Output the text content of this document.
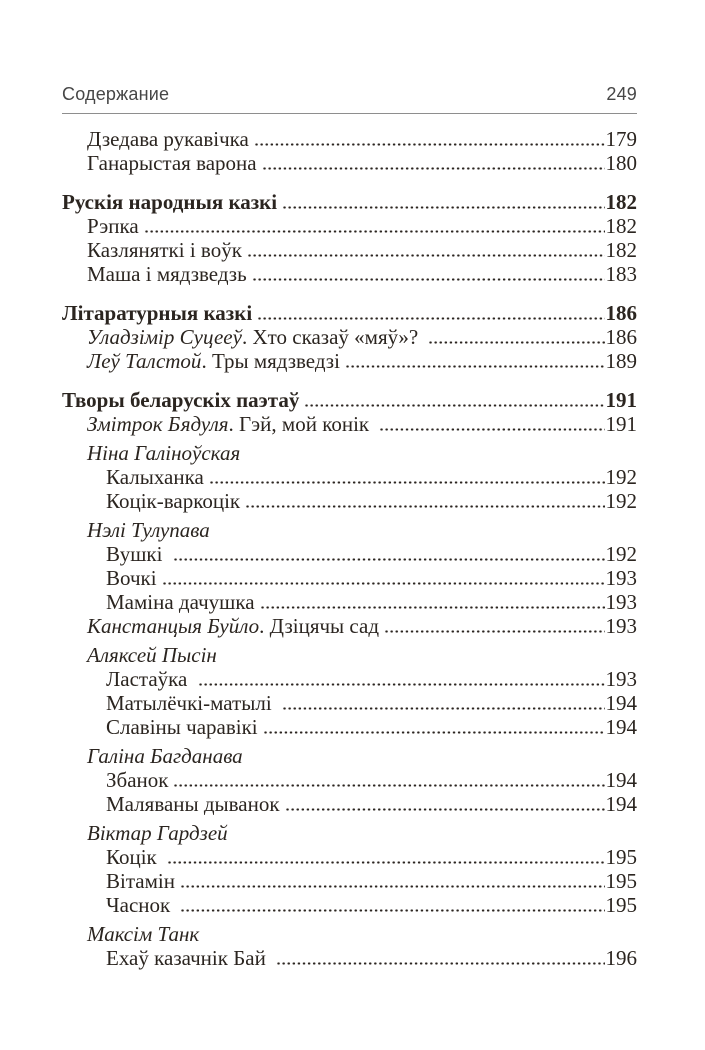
Содержание	249
Дзедава рукавічка	179
Ганарыстая варона	180
Рускія народныя казкі	182
Рэпка	182
Казляняткі і воўк	182
Маша і мядзведзь	183
Літаратурныя казкі	186
Уладзімір Суцееў . Хто сказаў «мяў»?	186
Леў Талстой . Тры мядзведзі	189
Творы беларускіх паэтаў	191
Змітрок Бядуля . Гэй, мой конік	191
Ніна Галіноўская
Калыханка	192
Коцік-варкоцік	192
Нэлі Тулупава
Вушкі	192
Вочкі	193
Маміна дачушка	193
Канстанцыя Буйло . Дзіцячы сад	193
Аляксей Пысін
Ластаўка	193
Матылёчкі-матылі	194
Славіны чаравікі	194
Галіна Багданава
Збанок	194
Маляваны дыванок	194
Віктар Гардзей
Коцік	195
Вітамін	195
Часнок	195
Максім Танк
Ехаў казачнік Бай	196
